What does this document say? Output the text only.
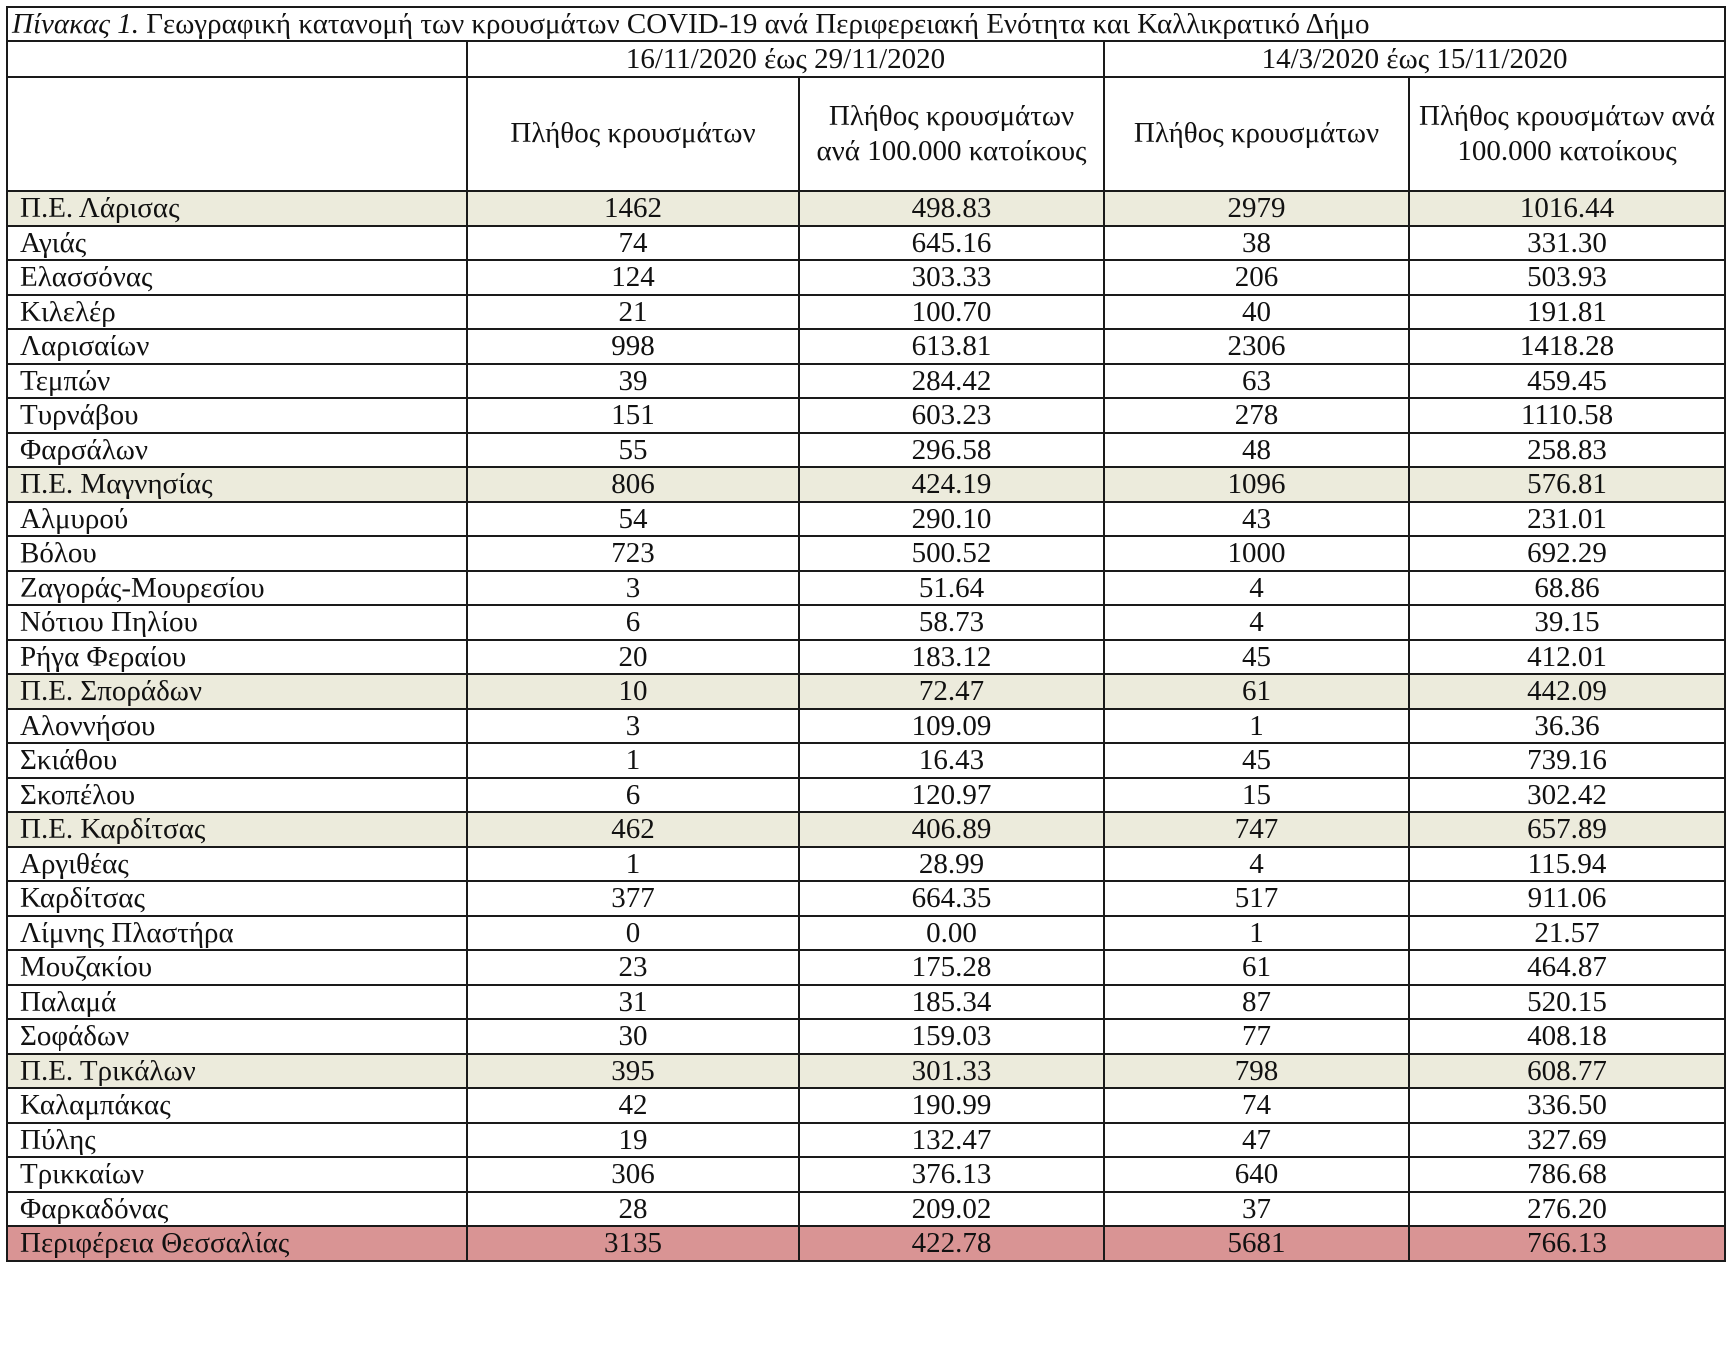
Πίνακας 1. Γεωγραφική κατανομή των κρουσμάτων COVID-19 ανά Περιφερειακή Ενότητα και Καλλικρατικό Δήμο				
	16/11/2020 έως 29/11/2020		14/3/2020 έως 15/11/2020	
	Πλήθος κρουσμάτων	Πλήθος κρουσμάτων ανά 100.000 κατοίκους	Πλήθος κρουσμάτων	Πλήθος κρουσμάτων ανά 100.000 κατοίκους
Π.Ε. Λάρισας	1462	498.83	2979	1016.44
Αγιάς	74	645.16	38	331.30
Ελασσόνας	124	303.33	206	503.93
Κιλελέρ	21	100.70	40	191.81
Λαρισαίων	998	613.81	2306	1418.28
Τεμπών	39	284.42	63	459.45
Τυρνάβου	151	603.23	278	1110.58
Φαρσάλων	55	296.58	48	258.83
Π.Ε. Μαγνησίας	806	424.19	1096	576.81
Αλμυρού	54	290.10	43	231.01
Βόλου	723	500.52	1000	692.29
Ζαγοράς-Μουρεσίου	3	51.64	4	68.86
Νότιου Πηλίου	6	58.73	4	39.15
Ρήγα Φεραίου	20	183.12	45	412.01
Π.Ε. Σποράδων	10	72.47	61	442.09
Αλοννήσου	3	109.09	1	36.36
Σκιάθου	1	16.43	45	739.16
Σκοπέλου	6	120.97	15	302.42
Π.Ε. Καρδίτσας	462	406.89	747	657.89
Αργιθέας	1	28.99	4	115.94
Καρδίτσας	377	664.35	517	911.06
Λίμνης Πλαστήρα	0	0.00	1	21.57
Μουζακίου	23	175.28	61	464.87
Παλαμά	31	185.34	87	520.15
Σοφάδων	30	159.03	77	408.18
Π.Ε. Τρικάλων	395	301.33	798	608.77
Καλαμπάκας	42	190.99	74	336.50
Πύλης	19	132.47	47	327.69
Τρικκαίων	306	376.13	640	786.68
Φαρκαδόνας	28	209.02	37	276.20
Περιφέρεια Θεσσαλίας	3135	422.78	5681	766.13
